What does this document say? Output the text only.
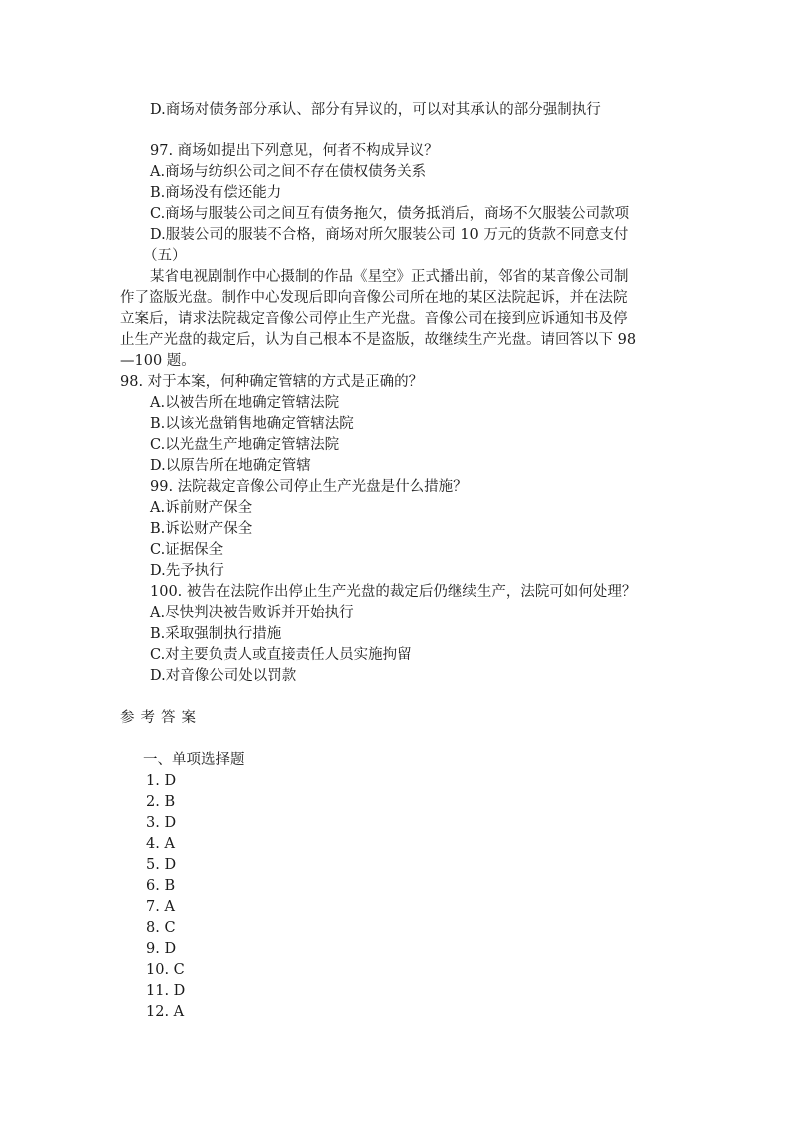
D.商场对债务部分承认、部分有异议的，可以对其承认的部分强制执行
97. 商场如提出下列意见，何者不构成异议？
A.商场与纺织公司之间不存在债权债务关系
B.商场没有偿还能力
C.商场与服装公司之间互有债务拖欠，债务抵消后，商场不欠服装公司款项
D.服装公司的服装不合格，商场对所欠服装公司 10 万元的货款不同意支付
（五）
某省电视剧制作中心摄制的作品《星空》正式播出前，邻省的某音像公司制
作了盗版光盘。制作中心发现后即向音像公司所在地的某区法院起诉，并在法院
立案后，请求法院裁定音像公司停止生产光盘。音像公司在接到应诉通知书及停
止生产光盘的裁定后，认为自己根本不是盗版，故继续生产光盘。请回答以下 98
—100 题。
98. 对于本案，何种确定管辖的方式是正确的？
A.以被告所在地确定管辖法院
B.以该光盘销售地确定管辖法院
C.以光盘生产地确定管辖法院
D.以原告所在地确定管辖
99. 法院裁定音像公司停止生产光盘是什么措施？
A.诉前财产保全
B.诉讼财产保全
C.证据保全
D.先予执行
100. 被告在法院作出停止生产光盘的裁定后仍继续生产，法院可如何处理？
A.尽快判决被告败诉并开始执行
B.采取强制执行措施
C.对主要负责人或直接责任人员实施拘留
D.对音像公司处以罚款
参考答案
一、单项选择题
1. D
2. B
3. D
4. A
5. D
6. B
7. A
8. C
9. D
10. C
11. D
12. A
